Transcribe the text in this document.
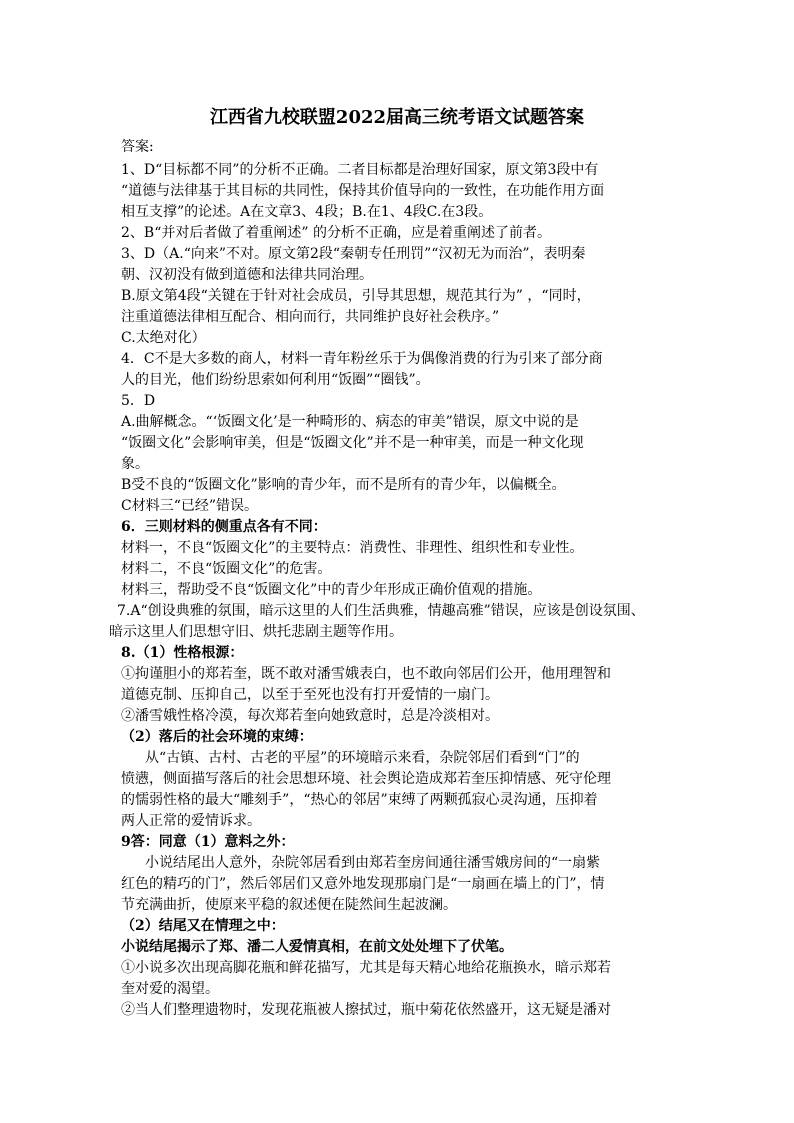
江西省九校联盟2022届高三统考语文试题答案
答案:
1、D“目标都不同”的分析不正确。二者目标都是治理好国家，原文第3段中有
“道德与法律基于其目标的共同性，保持其价值导向的一致性，在功能作用方面
相互支撑”的论述。A在文章3、4段；B.在1、4段C.在3段。
2、B“并对后者做了着重阐述” 的分析不正确，应是着重阐述了前者。
3、D（A.“向来”不对。原文第2段“秦朝专任刑罚”“汉初无为而治”，表明秦
朝、汉初没有做到道德和法律共同治理。
B.原文第4段“关键在于针对社会成员，引导其思想，规范其行为” ，“同时，
注重道德法律相互配合、相向而行，共同维护良好社会秩序。”
C.太绝对化）
4．C不是大多数的商人，材料一青年粉丝乐于为偶像消费的行为引来了部分商
人的目光，他们纷纷思索如何利用“饭圈”“圈钱”。
5．D
A.曲解概念。“‘饭圈文化’是一种畸形的、病态的审美”错误，原文中说的是
“饭圈文化”会影响审美，但是“饭圈文化”并不是一种审美，而是一种文化现
象。
B受不良的“饭圈文化”影响的青少年，而不是所有的青少年，以偏概全。
C材料三“已经”错误。
6．三则材料的侧重点各有不同：
材料一，不良“饭圈文化”的主要特点：消费性、非理性、组织性和专业性。
材料二，不良“饭圈文化”的危害。
材料三，帮助受不良“饭圈文化”中的青少年形成正确价值观的措施。
7.A“创设典雅的氛围，暗示这里的人们生活典雅，情趣高雅”错误，应该是创设氛围、
暗示这里人们思想守旧、烘托悲剧主题等作用。
8.（1）性格根源：
①拘谨胆小的郑若奎，既不敢对潘雪娥表白，也不敢向邻居们公开，他用理智和
道德克制、压抑自己，以至于至死也没有打开爱情的一扇门。
②潘雪娥性格冷漠，每次郑若奎向她致意时，总是冷淡相对。
（2）落后的社会环境的束缚：
从“古镇、古村、古老的平屋”的环境暗示来看，杂院邻居们看到“门”的
愤懑，侧面描写落后的社会思想环境、社会舆论造成郑若奎压抑情感、死守伦理
的懦弱性格的最大“雕刻手”，“热心的邻居”束缚了两颗孤寂心灵沟通，压抑着
两人正常的爱情诉求。
9答：同意（1）意料之外：
小说结尾出人意外，杂院邻居看到由郑若奎房间通往潘雪娥房间的“一扇紫
红色的精巧的门”，然后邻居们又意外地发现那扇门是“一扇画在墙上的门”，情
节充满曲折，使原来平稳的叙述便在陡然间生起波澜。
（2）结尾又在情理之中：
小说结尾揭示了郑、潘二人爱情真相，在前文处处埋下了伏笔。
①小说多次出现高脚花瓶和鲜花描写，尤其是每天精心地给花瓶换水，暗示郑若
奎对爱的渴望。
②当人们整理遗物时，发现花瓶被人擦拭过，瓶中菊花依然盛开，这无疑是潘对
